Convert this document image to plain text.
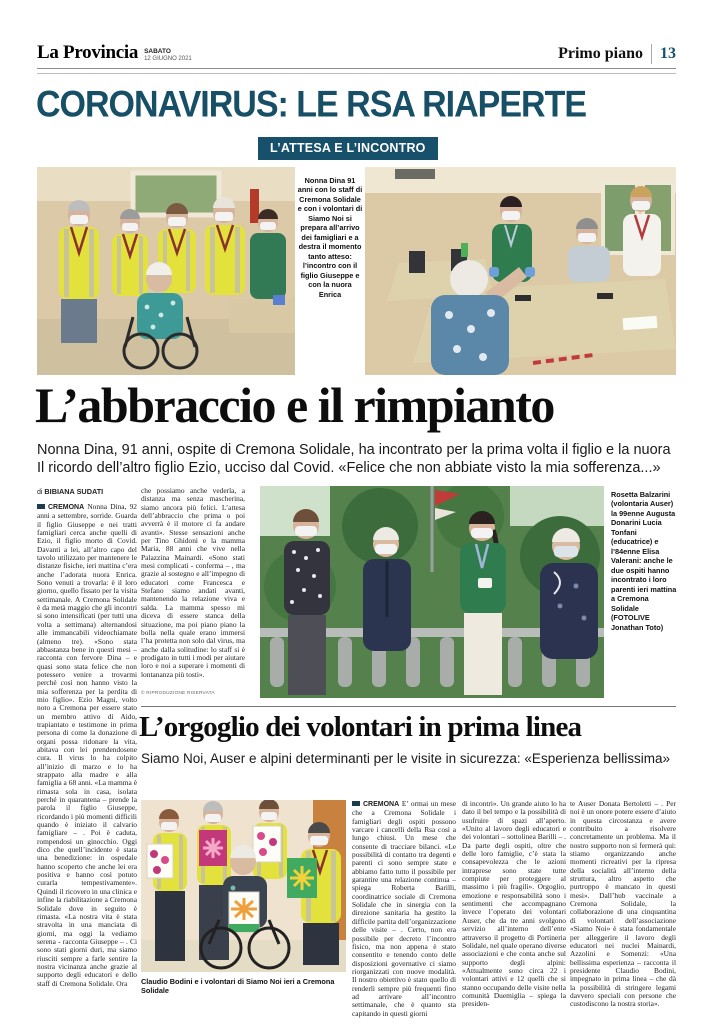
La Provincia SABATO
12 GIUGNO 2021	Primo piano 13
CORONAVIRUS: LE RSA RIAPERTE
L’ATTESA E L’INCONTRO
Nonna Dina 91 anni con lo staff di Cremona Solidale e con i volontari di Siamo Noi si prepara all’arrivo dei famigliari e a destra il momento tanto atteso: l’incontro con il figlio Giuseppe e con la nuora Enrica
L’abbraccio e il rimpianto
Nonna Dina, 91 anni, ospite di Cremona Solidale, ha incontrato per la prima volta il figlio e la nuora
Il ricordo dell’altro figlio Ezio, ucciso dal Covid. «Felice che non abbiate visto la mia sofferenza...»
di BIBIANA SUDATI

CREMONA Nonna Dina, 92 anni a settembre, sorride. Guarda il figlio Giuseppe e nei tratti famigliari cerca anche quelli di Ezio, il figlio morto di Covid. Davanti a lei, all’altro capo del tavolo utilizzato per mantenere le distanze fisiche, ieri mattina c’era anche l’adorata nuora Enrica. Sono venuti a trovarla: è il loro giorno, quello fissato per la visita settimanale. A Cremona Solidale è da metà maggio che gli incontri si sono intensificati (per tutti una volta a settimana) alternandosi alle immancabili videochiamate (almeno tre). «Sono stata abbastanza bene in questi mesi – racconta con fervore Dina – e quasi sono stata felice che non potessero venire a trovarmi perché così non hanno visto la mia sofferenza per la perdita di mio figlio». Ezio Magni, volto noto a Cremona per essere stato un membro attivo di Aido, trapiantato e testimone in prima persona di come la donazione di organi possa ridonare la vita, abitava con lei prendendosene cura. Il virus lo ha colpito all’inizio di marzo e lo ha strappato alla madre e alla famiglia a 68 anni. «La mamma è rimasta sola in casa, isolata perché in quarantena – prende la parola il figlio Giuseppe, ricordando i più momenti difficili quando è iniziato il calvario famigliare – . Poi è caduta, rompendosi un ginocchio. Oggi dico che quell’incidente è stata una benedizione: in ospedale hanno scoperto che anche lei era positiva e hanno così potuto curarla tempestivamente». Quindi il ricovero in una clinica e infine la riabilitazione a Cremona Solidale dove in seguito è rimasta. «La nostra vita è stata stravolta in una manciata di giorni, ma oggi la vediamo serena - racconta Giuseppe – . Ci sono stati giorni duri, ma siamo riusciti sempre a farle sentire la nostra vicinanza anche grazie al supporto degli educatori e dello staff di Cremona Solidale. Ora

che possiamo anche vederla, a distanza ma senza mascherina, siamo ancora più felici. L’attesa dell’abbraccio che prima o poi avverrà è il motore ci fa andare avanti». Stesse sensazioni anche per Tino Ghidoni e la mamma Maria, 88 anni che vive nella Palazzina Mainardi. «Sono stati mesi complicati - conferma – , ma grazie al sostegno e all’impegno di educatori come Francesca e Stefano siamo andati avanti, mantenendo la relazione viva e salda. La mamma spesso mi diceva di essere stanca della situazione, ma poi piano piano la bolla nella quale erano immersi l’ha protetta non solo dal virus, ma anche dalla solitudine: lo staff si è prodigato in tutti i modi per aiutare loro e noi a superare i momenti di lontananza più tosti».

© RIPRODUZIONE RISERVATA
Rosetta Balzarini (volontaria Auser) la 99enne Augusta Donarini Lucia Tonfani (educatrice) e l’84enne Elisa Valerani: anche le due ospiti hanno incontrato i loro parenti ieri mattina a Cremona Solidale (FOTOLIVE Jonathan Toto)
L’orgoglio dei volontari in prima linea
Siamo Noi, Auser e alpini determinanti per le visite in sicurezza: «Esperienza bellissima»
Claudio Bodini e i volontari di Siamo Noi ieri a Cremona Solidale

CREMONA E’ ormai un mese che a Cremona Solidale i famigliari degli ospiti possono varcare i cancelli della Rsa così a lungo chiusi. Un mese che consente di tracciare bilanci. «Le possibilità di contatto tra degenti e parenti ci sono sempre state e abbiamo fatto tutto il possibile per garantire una relazione continua – spiega Roberta Barilli, coordinatrice sociale di Cremona Solidale che in sinergia con la direzione sanitaria ha gestito la difficile partita dell’organizzazione delle visite – . Certo, non era possibile per decreto l’incontro fisico, ma non appena è stato consentito e tenendo conto delle disposizioni governative ci siamo riorganizzati con nuove modalità. Il nostro obiettivo è stato quello di renderli sempre più frequenti fino ad arrivare all’incontro settimanale, che è quanto sta capitando in questi giorni

di incontri». Un grande aiuto lo ha dato il bel tempo e la possibilità di usufruire di spazi all’aperto. «Unito al lavoro degli educatori e dei volontari – sottolinea Barilli – . Da parte degli ospiti, oltre che delle loro famiglie, c’è stata la consapevolezza che le azioni intraprese sono state tutte compiute per proteggere al massimo i più fragili». Orgoglio, emozione e responsabilità sono i sentimenti che accompagnano invece l’operato dei volontari Auser, che da tre anni svolgono servizio all’interno dell’ente attraverso il progetto di Portineria Solidale, nel quale operano diverse associazioni e che conta anche sul supporto degli alpini: «Attualmente sono circa 22 i volontari attivi e 12 quelli che si stanno occupando delle visite nella comunità Duemiglia – spiega la presiden-

te Auser Donata Bertoletti – . Per noi è un onore potere essere d’aiuto in questa circostanza e avere contribuito a risolvere concretamente un problema. Ma il nostro supporto non si fermerà qui: stiamo organizzando anche momenti ricreativi per la ripresa della socialità all’interno della struttura, altro aspetto che purtroppo è mancato in questi mesi». Dall’hub vaccinale a Cremona Solidale, la collaborazione di una cinquantina di volontari dell’associazione «Siamo Noi» è stata fondamentale per alleggerire il lavoro degli educatori nei nuclei Mainardi, Azzolini e Somenzi: «Una bellissima esperienza – racconta il presidente Claudio Bodini, impegnato in prima linea – che dà la possibilità di stringere legami davvero speciali con persone che custodiscono la nostra storia».
